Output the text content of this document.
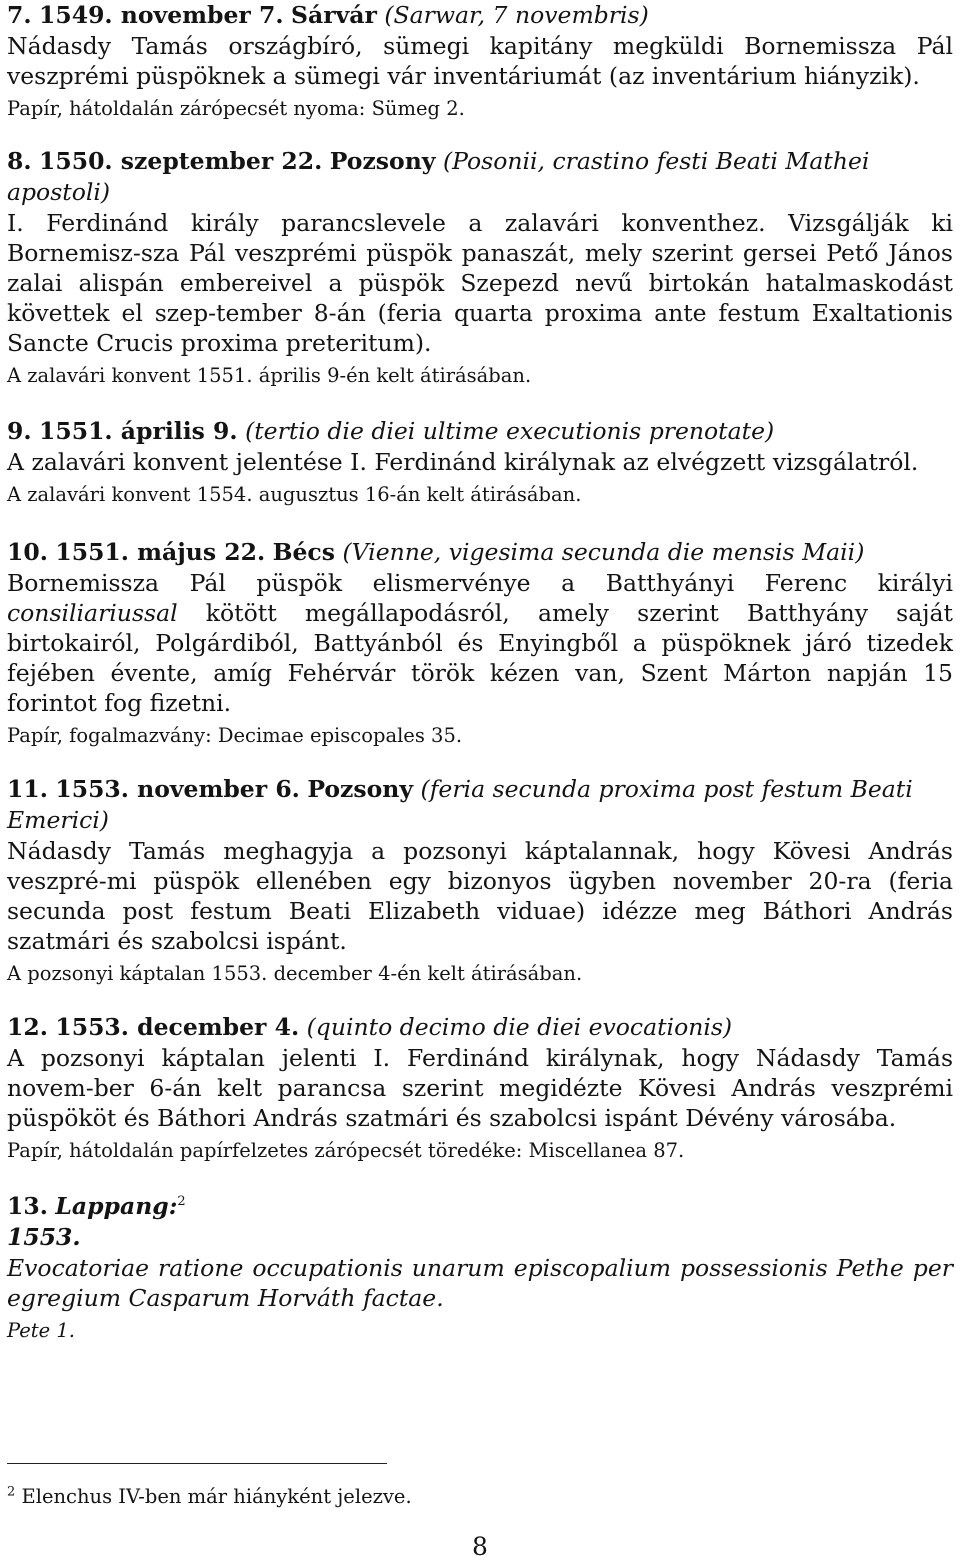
7. 1549. november 7. Sárvár (Sarwar, 7 novembris)

Nádasdy Tamás országbíró, sümegi kapitány megküldi Bornemissza Pál veszprémi püspöknek a sümegi vár inventáriumát (az inventárium hiányzik).

Papír, hátoldalán zárópecsét nyoma: Sümeg 2.

8. 1550. szeptember 22. Pozsony (Posonii, crastino festi Beati Mathei apostoli)

I. Ferdinánd király parancslevele a zalavári konventhez. Vizsgálják ki Bornemisz-sza Pál veszprémi püspök panaszát, mely szerint gersei Pető János zalai alispán embereivel a püspök Szepezd nevű birtokán hatalmaskodást követtek el szep-tember 8-án (feria quarta proxima ante festum Exaltationis Sancte Crucis proxima preteritum).

A zalavári konvent 1551. április 9-én kelt átirásában.

9. 1551. április 9. (tertio die diei ultime executionis prenotate)

A zalavári konvent jelentése I. Ferdinánd királynak az elvégzett vizsgálatról.

A zalavári konvent 1554. augusztus 16-án kelt átirásában.

10. 1551. május 22. Bécs (Vienne, vigesima secunda die mensis Maii)

Bornemissza Pál püspök elismervénye a Batthyányi Ferenc királyi consiliariussal kötött megállapodásról, amely szerint Batthyány saját birtokairól, Polgárdiból, Battyánból és Enyingből a püspöknek járó tizedek fejében évente, amíg Fehérvár török kézen van, Szent Márton napján 15 forintot fog fizetni.

Papír, fogalmazvány: Decimae episcopales 35.

11. 1553. november 6. Pozsony (feria secunda proxima post festum Beati Emerici)

Nádasdy Tamás meghagyja a pozsonyi káptalannak, hogy Kövesi András veszpré-mi püspök ellenében egy bizonyos ügyben november 20-ra (feria secunda post festum Beati Elizabeth viduae) idézze meg Báthori András szatmári és szabolcsi ispánt.

A pozsonyi káptalan 1553. december 4-én kelt átirásában.

12. 1553. december 4. (quinto decimo die diei evocationis)

A pozsonyi káptalan jelenti I. Ferdinánd királynak, hogy Nádasdy Tamás novem-ber 6-án kelt parancsa szerint megidézte Kövesi András veszprémi püspököt és Báthori András szatmári és szabolcsi ispánt Dévény városába.

Papír, hátoldalán papírfelzetes zárópecsét töredéke: Miscellanea 87.

13. Lappang:$^2$

1553.

Evocatoriae ratione occupationis unarum episcopalium possessionis Pethe per egregium Casparum Horváth factae.

Pete 1.

$^2$ Elenchus IV-ben már hiányként jelezve.
8
